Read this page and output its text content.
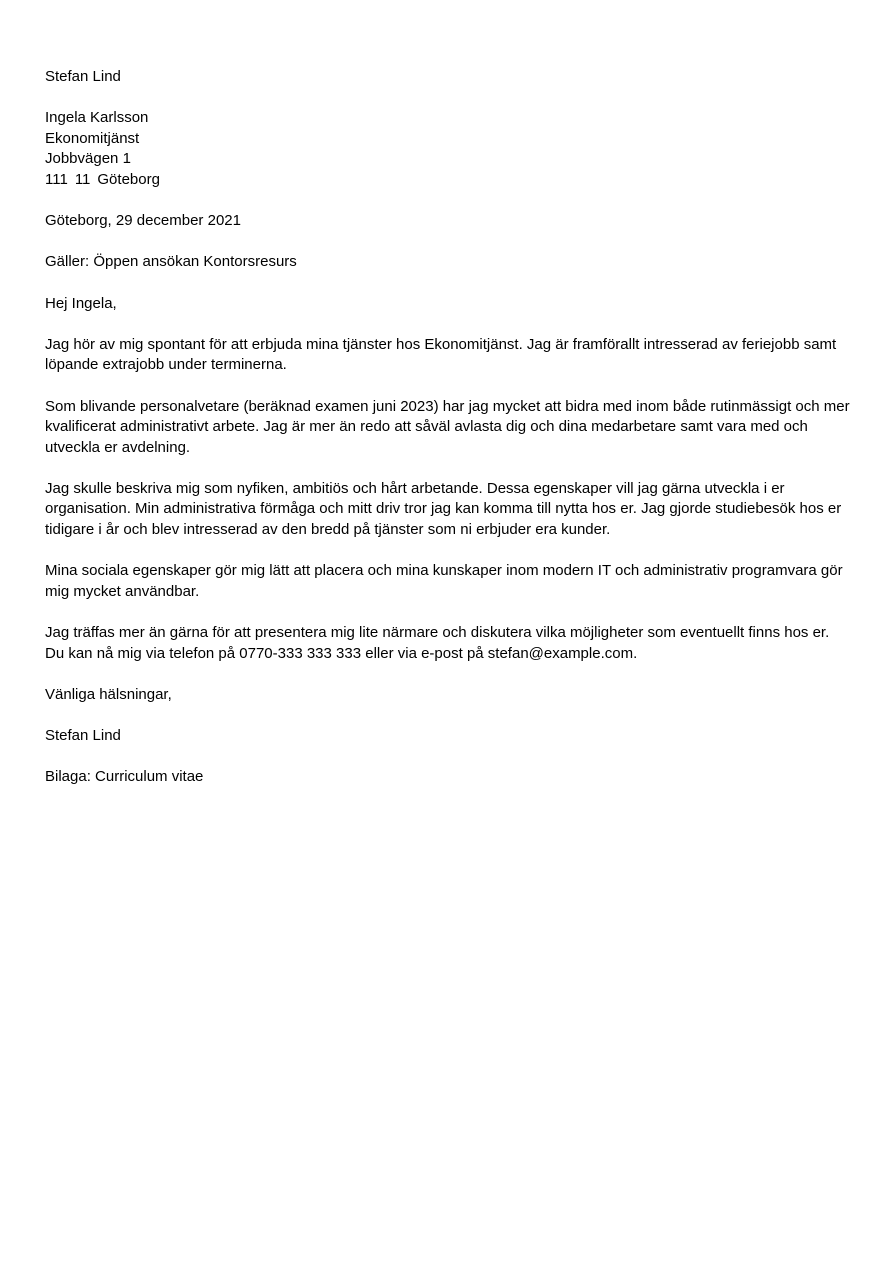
Stefan Lind
Ingela Karlsson
Ekonomitjänst
Jobbvägen 1
111 11 Göteborg
Göteborg, 29 december 2021
Gäller: Öppen ansökan Kontorsresurs
Hej Ingela,

Jag hör av mig spontant för att erbjuda mina tjänster hos Ekonomitjänst. Jag är framförallt intresserad av feriejobb samt löpande extrajobb under terminerna.

Som blivande personalvetare (beräknad examen juni 2023) har jag mycket att bidra med inom både rutinmässigt och mer kvalificerat administrativt arbete. Jag är mer än redo att såväl avlasta dig och dina medarbetare samt vara med och utveckla er avdelning.

Jag skulle beskriva mig som nyfiken, ambitiös och hårt arbetande. Dessa egenskaper vill jag gärna utveckla i er organisation. Min administrativa förmåga och mitt driv tror jag kan komma till nytta hos er. Jag gjorde studiebesök hos er tidigare i år och blev intresserad av den bredd på tjänster som ni erbjuder era kunder.

Mina sociala egenskaper gör mig lätt att placera och mina kunskaper inom modern IT och administrativ programvara gör mig mycket användbar.

Jag träffas mer än gärna för att presentera mig lite närmare och diskutera vilka möjligheter som eventuellt finns hos er.
Du kan nå mig via telefon på 0770-333 333 333 eller via e-post på stefan@example.com.
Vänliga hälsningar,
Stefan Lind
Bilaga: Curriculum vitae
